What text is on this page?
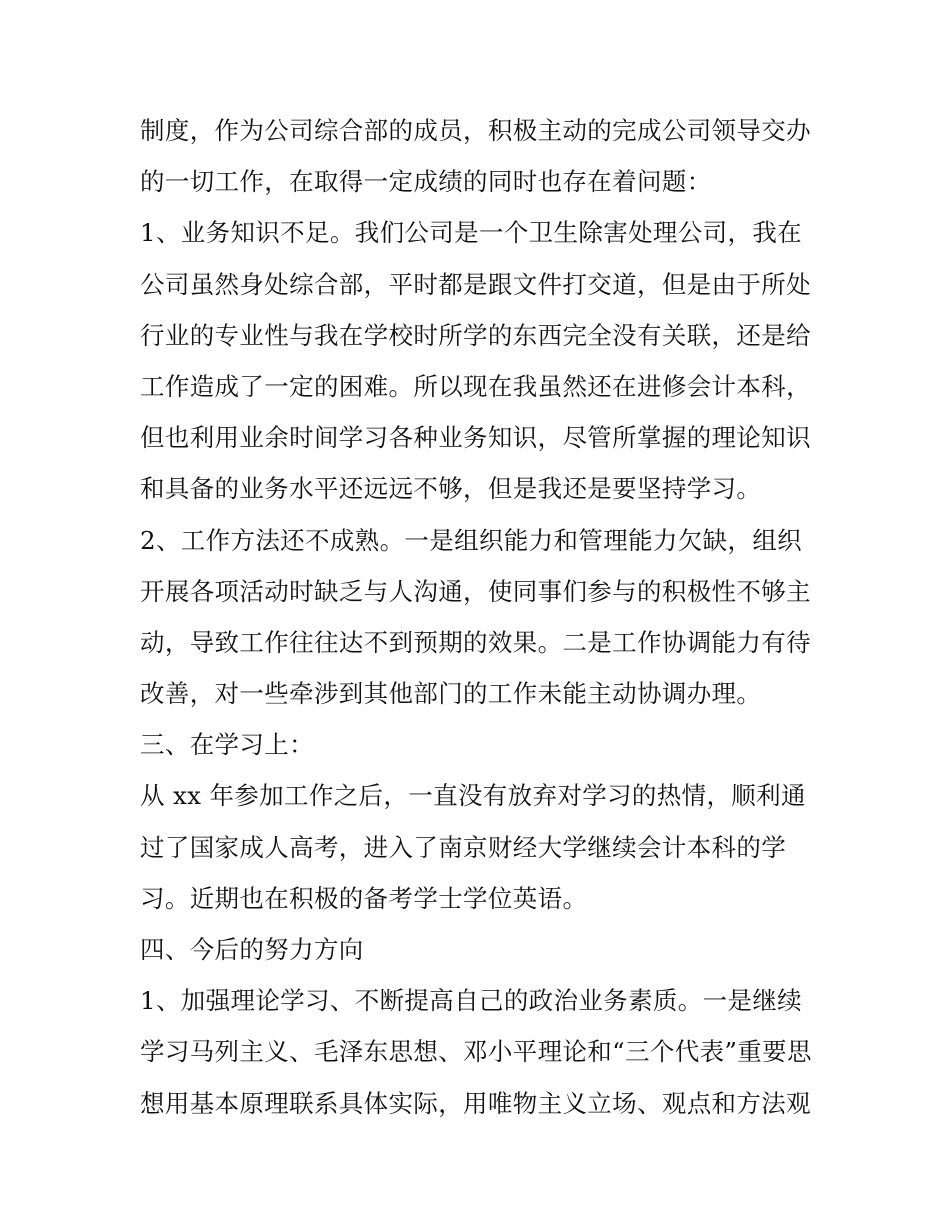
制度，作为公司综合部的成员，积极主动的完成公司领导交办
的一切工作，在取得一定成绩的同时也存在着问题：
1、业务知识不足。我们公司是一个卫生除害处理公司，我在
公司虽然身处综合部，平时都是跟文件打交道，但是由于所处
行业的专业性与我在学校时所学的东西完全没有关联，还是给
工作造成了一定的困难。所以现在我虽然还在进修会计本科，
但也利用业余时间学习各种业务知识，尽管所掌握的理论知识
和具备的业务水平还远远不够，但是我还是要坚持学习。
2、工作方法还不成熟。一是组织能力和管理能力欠缺，组织
开展各项活动时缺乏与人沟通，使同事们参与的积极性不够主
动，导致工作往往达不到预期的效果。二是工作协调能力有待
改善，对一些牵涉到其他部门的工作未能主动协调办理。
三、在学习上：
从 xx 年参加工作之后，一直没有放弃对学习的热情，顺利通
过了国家成人高考，进入了南京财经大学继续会计本科的学
习。近期也在积极的备考学士学位英语。
四、今后的努力方向
1、加强理论学习、不断提高自己的政治业务素质。一是继续
学习马列主义、毛泽东思想、邓小平理论和“三个代表”重要思
想用基本原理联系具体实际，用唯物主义立场、观点和方法观
